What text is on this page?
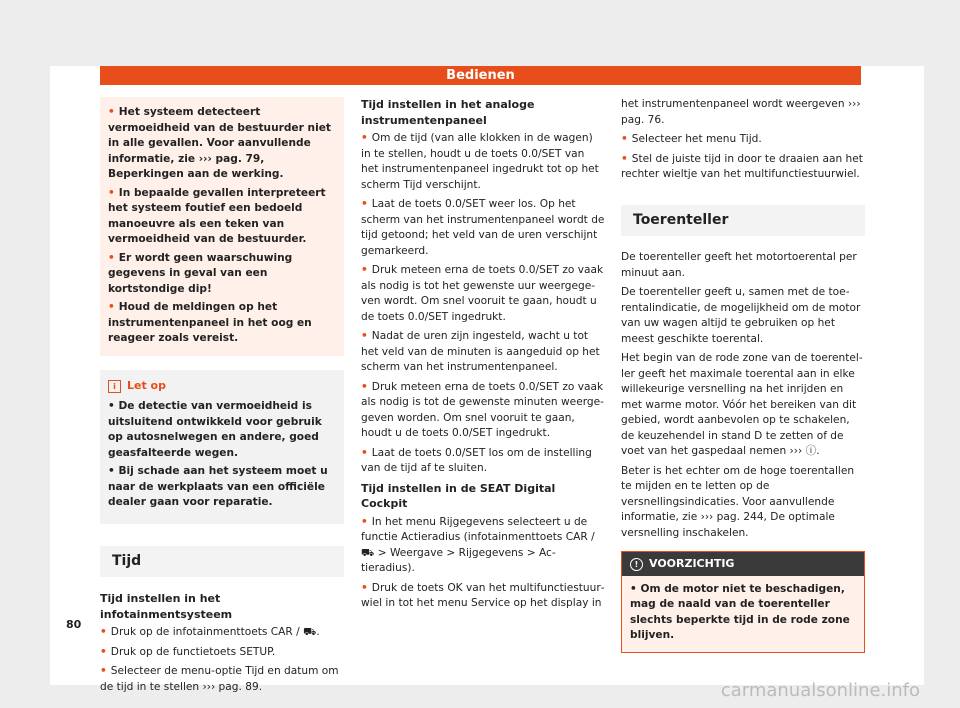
Bedienen

• Het systeem detecteert vermoeidheid van de bestuurder niet in alle gevallen. Voor aanvullende informatie, zie ››› pag. 79, Beperkingen aan de werking.

• In bepaalde gevallen interpreteert het systeem foutief een bedoeld manoeuvre als een teken van vermoeidheid van de bestuurder.

• Er wordt geen waarschuwing gegevens in geval van een kortstondige dip!

• Houd de meldingen op het instrumentenpaneel in het oog en reageer zoals vereist.

i Let op

• De detectie van vermoeidheid is uitsluitend ontwikkeld voor gebruik op autosnelwegen en andere, goed geasfalteerde wegen.

• Bij schade aan het systeem moet u naar de werkplaats van een officiële dealer gaan voor reparatie.

Tijd
Tijd instellen in het infotainmentsysteem

• Druk op de infotainmenttoets CAR / ⛟.

• Druk op de functietoets SETUP.

• Selecteer de menu-optie Tijd en datum om de tijd in te stellen ››› pag. 89.

Tijd instellen in het analoge instrumentenpaneel

• Om de tijd (van alle klokken in de wagen) in te stellen, houdt u de toets 0.0/SET van het instrumentenpaneel ingedrukt tot op het scherm Tijd verschijnt.

• Laat de toets 0.0/SET weer los. Op het scherm van het instrumentenpaneel wordt de tijd getoond; het veld van de uren verschijnt gemarkeerd.

• Druk meteen erna de toets 0.0/SET zo vaak als nodig is tot het gewenste uur weergegeven wordt. Om snel vooruit te gaan, houdt u de toets 0.0/SET ingedrukt.

• Nadat de uren zijn ingesteld, wacht u tot het veld van de minuten is aangeduid op het scherm van het instrumentenpaneel.

• Druk meteen erna de toets 0.0/SET zo vaak als nodig is tot de gewenste minuten weergegeven worden. Om snel vooruit te gaan, houdt u de toets 0.0/SET ingedrukt.

• Laat de toets 0.0/SET los om de instelling van de tijd af te sluiten.

Tijd instellen in de SEAT Digital Cockpit

• In het menu Rijgegevens selecteert u de functie Actieradius (infotainmenttoets CAR / ⛟ > Weergave > Rijgegevens > Actieradius).

• Druk de toets OK van het multifunctiestuurwiel in tot het menu Service op het display in

het instrumentenpaneel wordt weergeven ››› pag. 76.

• Selecteer het menu Tijd.

• Stel de juiste tijd in door te draaien aan het rechter wieltje van het multifunctiestuurwiel.

Toerenteller

De toerenteller geeft het motortoerental per minuut aan.

De toerenteller geeft u, samen met de toerentalindicatie, de mogelijkheid om de motor van uw wagen altijd te gebruiken op het meest geschikte toerental.

Het begin van de rode zone van de toerenteller geeft het maximale toerental aan in elke willekeurige versnelling na het inrijden en met warme motor. Vóór het bereiken van dit gebied, wordt aanbevolen op te schakelen, de keuzehendel in stand D te zetten of de voet van het gaspedaal nemen ››› ⓘ.

Beter is het echter om de hoge toerentallen te mijden en te letten op de versnellingsindicaties. Voor aanvullende informatie, zie ››› pag. 244, De optimale versnelling inschakelen.

! VOORZICHTIG
• Om de motor niet te beschadigen, mag de naald van de toerenteller slechts beperkte tijd in de rode zone blijven.
80
carmanualsonline.info
